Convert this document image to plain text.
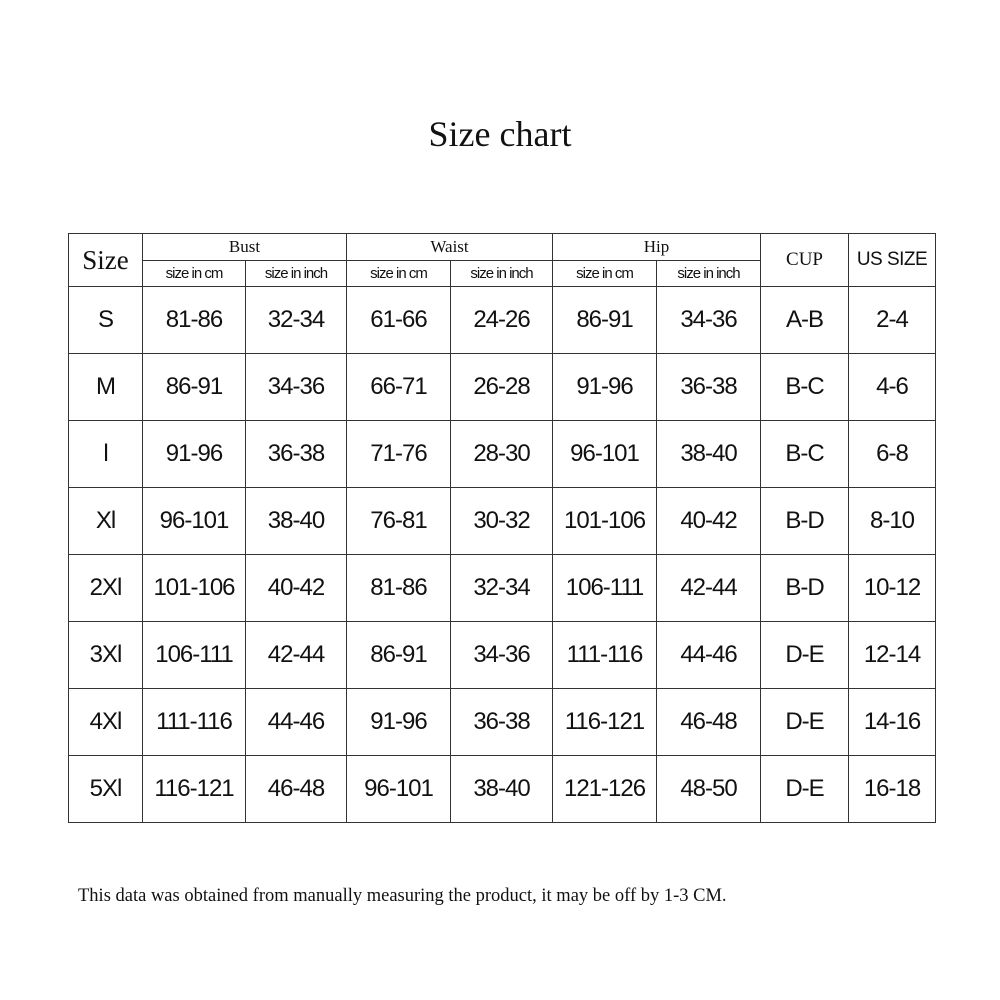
Size chart
Size	Bust		Waist		Hip		CUP	US SIZE
	size in cm	size in inch	size in cm	size in inch	size in cm	size in inch		
S	81-86	32-34	61-66	24-26	86-91	34-36	A-B	2-4
M	86-91	34-36	66-71	26-28	91-96	36-38	B-C	4-6
l	91-96	36-38	71-76	28-30	96-101	38-40	B-C	6-8
Xl	96-101	38-40	76-81	30-32	101-106	40-42	B-D	8-10
2Xl	101-106	40-42	81-86	32-34	106-111	42-44	B-D	10-12
3Xl	106-111	42-44	86-91	34-36	111-116	44-46	D-E	12-14
4Xl	111-116	44-46	91-96	36-38	116-121	46-48	D-E	14-16
5Xl	116-121	46-48	96-101	38-40	121-126	48-50	D-E	16-18
This data was obtained from manually measuring the product, it may be off by 1-3 CM.
